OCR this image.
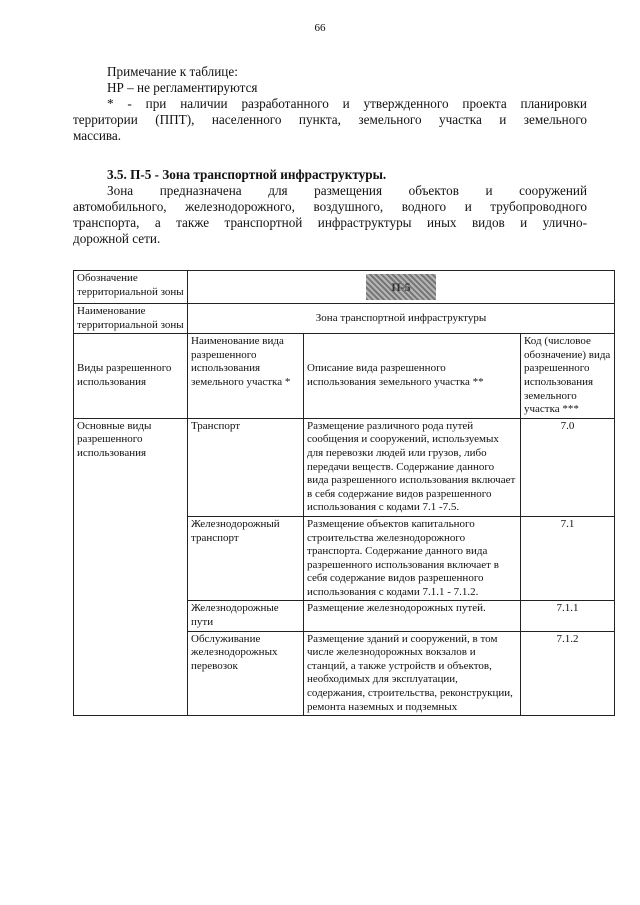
66
Примечание к таблице:
НР – не регламентируются
* - при наличии разработанного и утвержденного проекта планировки
территории (ППТ), населенного пункта, земельного участка и земельного
массива.
3.5. П-5 - Зона транспортной инфраструктуры.
Зона предназначена для размещения объектов и сооружений
автомобильного, железнодорожного, воздушного, водного и трубопроводного
транспорта, а также транспортной инфраструктуры иных видов и улично-
дорожной сети.
Обозначение территориальной зоны	П-5		
Наименование территориальной зоны	Зона транспортной инфраструктуры		
Виды разрешенного использования	Наименование вида разрешенного использования земельного участка *	Описание вида разрешенного использования земельного участка **	Код (числовое обозначение) вида разрешенного использования земельного участка ***
Основные виды разрешенного использования	Транспорт	Размещение различного рода путей сообщения и сооружений, используемых для перевозки людей или грузов, либо передачи веществ. Содержание данного вида разрешенного использования включает в себя содержание видов разрешенного использования с кодами 7.1 -7.5.	7.0
	Железнодорожный транспорт	Размещение объектов капитального строительства железнодорожного транспорта. Содержание данного вида разрешенного использования включает в себя содержание видов разрешенного использования с кодами 7.1.1 - 7.1.2.	7.1
	Железнодорожные пути	Размещение железнодорожных путей.	7.1.1
	Обслуживание железнодорожных перевозок	Размещение зданий и сооружений, в том числе железнодорожных вокзалов и станций, а также устройств и объектов, необходимых для эксплуатации, содержания, строительства, реконструкции, ремонта наземных и подземных	7.1.2
